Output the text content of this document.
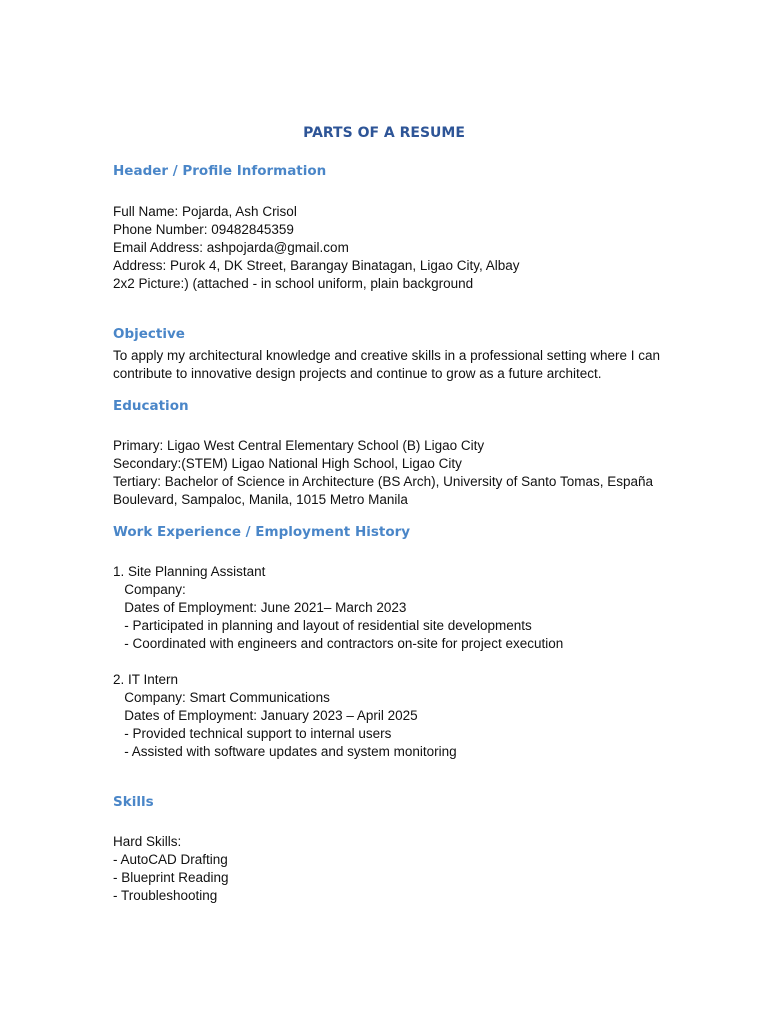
PARTS OF A RESUME
Header / Profile Information
Full Name: Pojarda, Ash Crisol
Phone Number: 09482845359
Email Address: ashpojarda@gmail.com
Address: Purok 4, DK Street, Barangay Binatagan, Ligao City, Albay
2x2 Picture:) (attached - in school uniform, plain background
Objective
To apply my architectural knowledge and creative skills in a professional setting where I can
contribute to innovative design projects and continue to grow as a future architect.
Education
Primary: Ligao West Central Elementary School (B) Ligao City
Secondary:(STEM) Ligao National High School, Ligao City
Tertiary: Bachelor of Science in Architecture (BS Arch), University of Santo Tomas, España
Boulevard, Sampaloc, Manila, 1015 Metro Manila
Work Experience / Employment History
1. Site Planning Assistant
Company:
Dates of Employment: June 2021– March 2023
- Participated in planning and layout of residential site developments
- Coordinated with engineers and contractors on-site for project execution
2. IT Intern
Company: Smart Communications
Dates of Employment: January 2023 – April 2025
- Provided technical support to internal users
- Assisted with software updates and system monitoring
Skills
Hard Skills:
- AutoCAD Drafting
- Blueprint Reading
- Troubleshooting
